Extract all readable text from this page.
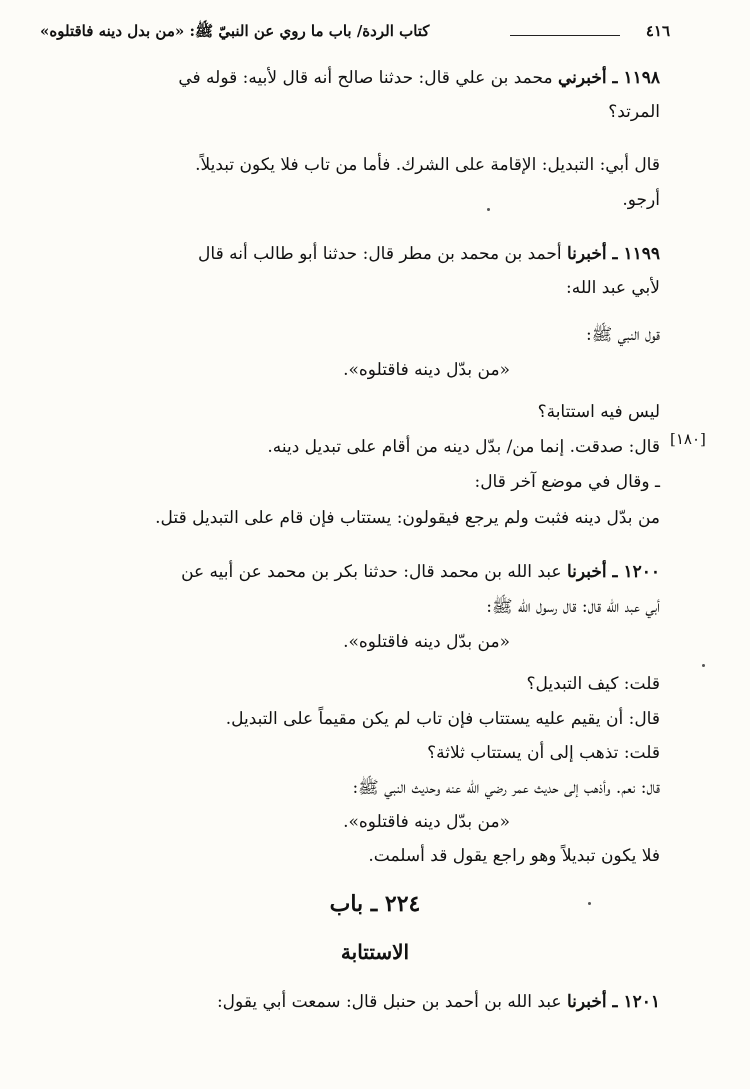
٤١٦
كتاب الردة/ باب ما روي عن النبيّ ﷺ: «من بدل دينه فاقتلوه»
١١٩٨ ـ أخبرني محمد بن علي قال: حدثنا صالح أنه قال لأبيه: قوله في
المرتد؟
قال أبي: التبديل: الإقامة على الشرك. فأما من تاب فلا يكون تبديلاً.
أرجو.
١١٩٩ ـ أخبرنا أحمد بن محمد بن مطر قال: حدثنا أبو طالب أنه قال
لأبي عبد الله:
قول النبي ﷺ:
«من بدّل دينه فاقتلوه».
ليس فيه استتابة؟
قال: صدقت. إنما من/ بدّل دينه من أقام على تبديل دينه.
ـ وقال في موضع آخر قال:
من بدّل دينه فثبت ولم يرجع فيقولون: يستتاب فإن قام على التبديل قتل.
١٢٠٠ ـ أخبرنا عبد الله بن محمد قال: حدثنا بكر بن محمد عن أبيه عن
أبي عبد الله قال: قال رسول الله ﷺ:
«من بدّل دينه فاقتلوه».
قلت: كيف التبديل؟
قال: أن يقيم عليه يستتاب فإن تاب لم يكن مقيماً على التبديل.
قلت: تذهب إلى أن يستتاب ثلاثة؟
قال: نعم. وأذهب إلى حديث عمر رضي الله عنه وحديث النبي ﷺ:
«من بدّل دينه فاقتلوه».
فلا يكون تبديلاً وهو راجع يقول قد أسلمت.
٢٢٤ ـ باب
الاستتابة
١٢٠١ ـ أخبرنا عبد الله بن أحمد بن حنبل قال: سمعت أبي يقول:
[١٨٠]
